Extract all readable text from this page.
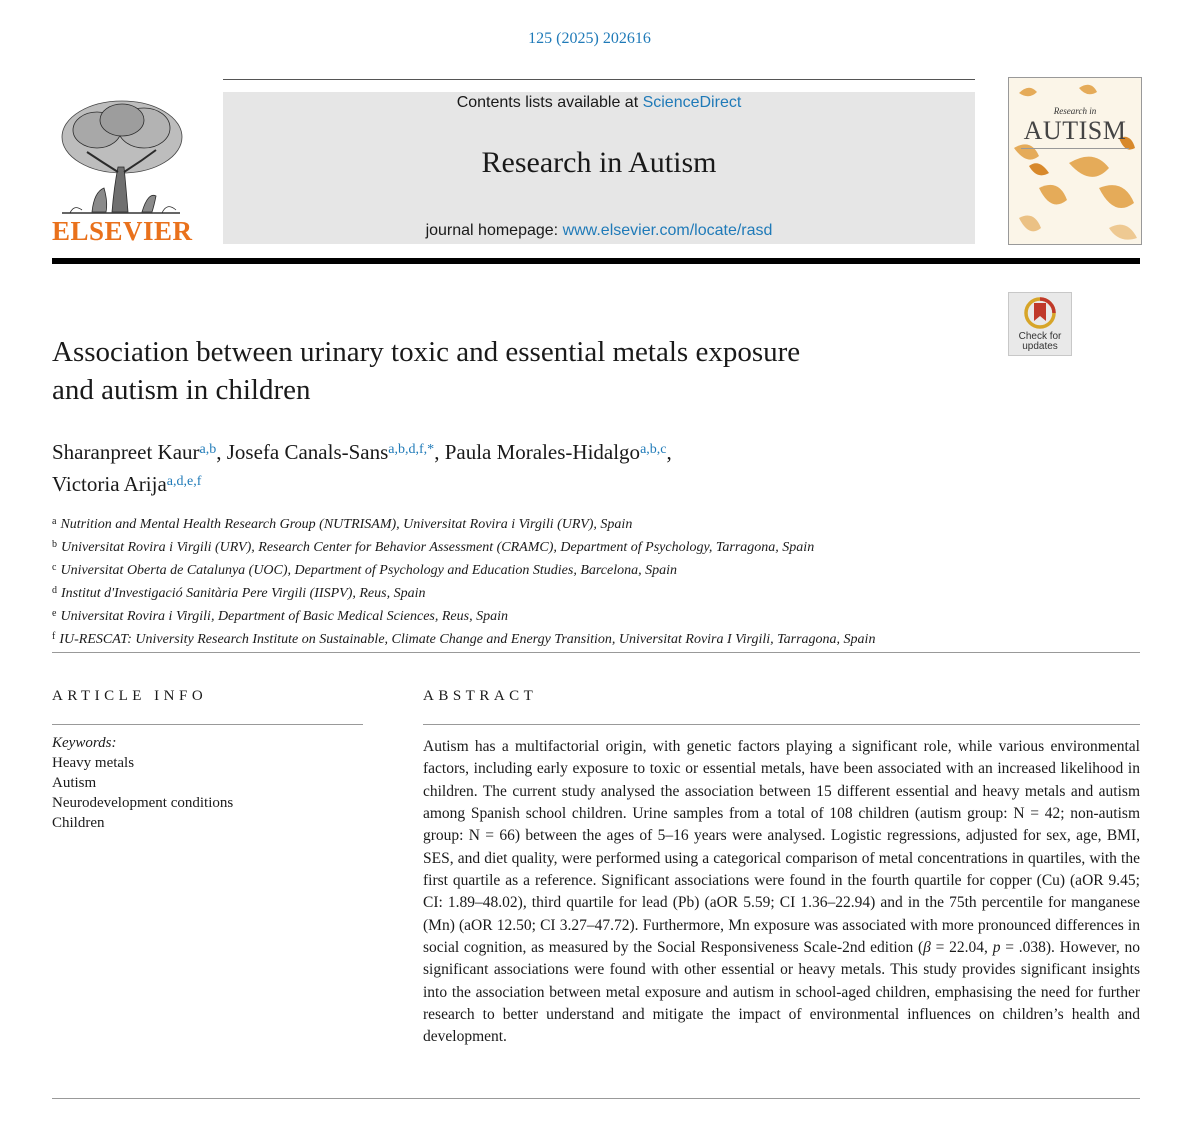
125 (2025) 202616
ELSEVIER
Contents lists available at ScienceDirect
Research in Autism
journal homepage: www.elsevier.com/locate/rasd
Research in
AUTISM
Check for
updates
Association between urinary toxic and essential metals exposure
and autism in children
Sharanpreet Kaur$^{a,b}$, Josefa Canals-Sans$^{a,b,d,f,*}$, Paula Morales-Hidalgo$^{a,b,c}$,
Victoria Arija$^{a,d,e,f}$
$^a$ Nutrition and Mental Health Research Group (NUTRISAM), Universitat Rovira i Virgili (URV), Spain
$^b$ Universitat Rovira i Virgili (URV), Research Center for Behavior Assessment (CRAMC), Department of Psychology, Tarragona, Spain
$^c$ Universitat Oberta de Catalunya (UOC), Department of Psychology and Education Studies, Barcelona, Spain
$^d$ Institut d'Investigació Sanitària Pere Virgili (IISPV), Reus, Spain
$^e$ Universitat Rovira i Virgili, Department of Basic Medical Sciences, Reus, Spain
$^f$ IU-RESCAT: University Research Institute on Sustainable, Climate Change and Energy Transition, Universitat Rovira I Virgili, Tarragona, Spain
ARTICLE INFO	ABSTRACT
Keywords:
Heavy metals
Autism
Neurodevelopment conditions
Children
Autism has a multifactorial origin, with genetic factors playing a significant role, while various environmental factors, including early exposure to toxic or essential metals, have been associated with an increased likelihood in children. The current study analysed the association between 15 different essential and heavy metals and autism among Spanish school children. Urine samples from a total of 108 children (autism group: N = 42; non-autism group: N = 66) between the ages of 5–16 years were analysed. Logistic regressions, adjusted for sex, age, BMI, SES, and diet quality, were performed using a categorical comparison of metal concentrations in quartiles, with the first quartile as a reference. Significant associations were found in the fourth quartile for copper (Cu) (aOR 9.45; CI: 1.89–48.02), third quartile for lead (Pb) (aOR 5.59; CI 1.36–22.94) and in the 75th percentile for manganese (Mn) (aOR 12.50; CI 3.27–47.72). Furthermore, Mn exposure was associated with more pronounced differences in social cognition, as measured by the Social Responsiveness Scale-2nd edition (β = 22.04, p = .038). However, no significant associations were found with other essential or heavy metals. This study provides significant insights into the association between metal exposure and autism in school-aged children, emphasising the need for further research to better understand and mitigate the impact of environmental influences on children’s health and development.
